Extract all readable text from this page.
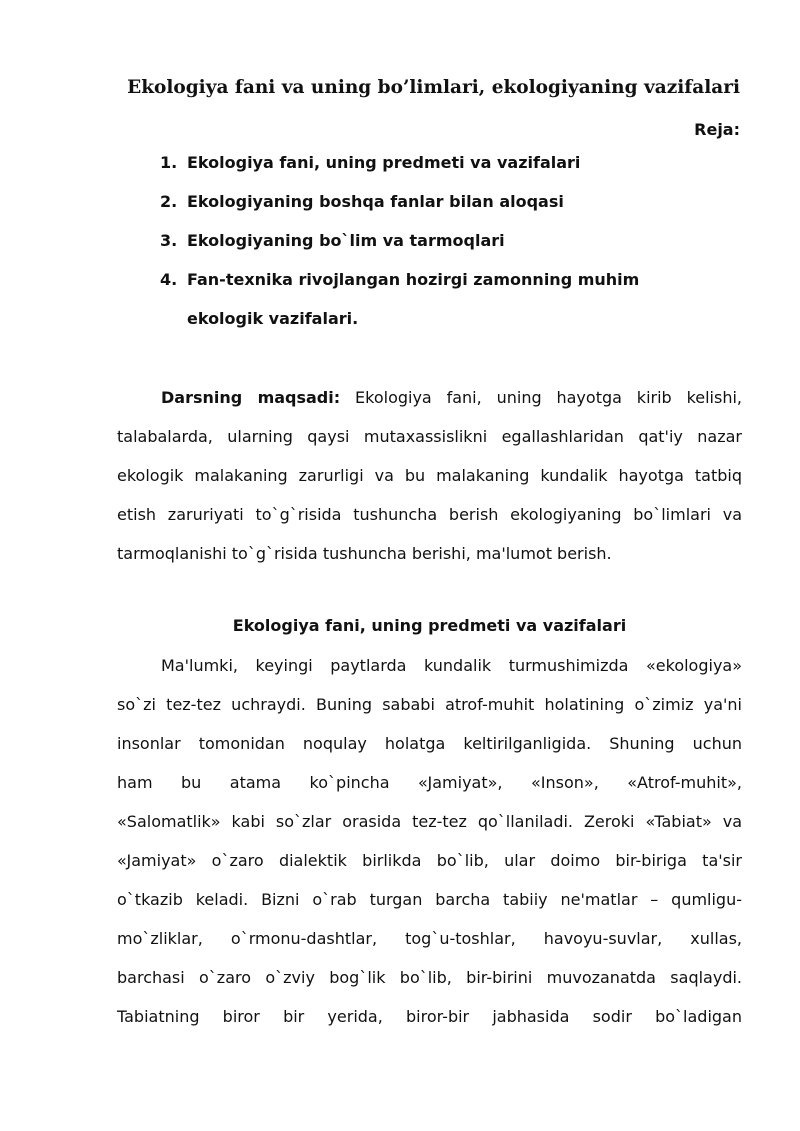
Ekologiya fani va uning bo’limlari, ekologiyaning vazifalari
Reja:
1. Ekologiya fani, uning predmeti va vazifalari
2. Ekologiyaning boshqa fanlar bilan aloqasi
3. Ekologiyaning bo`lim va tarmoqlari
4. Fan-texnika rivojlangan hozirgi zamonning muhim
ekologik vazifalari.
Darsning maqsadi: Ekologiya fani, uning hayotga kirib kelishi,
talabalarda, ularning qaysi mutaxassislikni egallashlaridan qat'iy nazar
ekologik malakaning zarurligi va bu malakaning kundalik hayotga tatbiq
etish zaruriyati to`g`risida tushuncha berish ekologiyaning bo`limlari va
tarmoqlanishi to`g`risida tushuncha berishi, ma'lumot berish.
Ekologiya fani, uning predmeti va vazifalari
Ma'lumki, keyingi paytlarda kundalik turmushimizda «ekologiya»
so`zi tez-tez uchraydi. Buning sababi atrof-muhit holatining o`zimiz ya'ni
insonlar tomonidan noqulay holatga keltirilganligida. Shuning uchun
ham bu atama ko`pincha «Jamiyat», «Inson», «Atrof-muhit»,
«Salomatlik» kabi so`zlar orasida tez-tez qo`llaniladi. Zeroki «Tabiat» va
«Jamiyat» o`zaro dialektik birlikda bo`lib, ular doimo bir-biriga ta'sir
o`tkazib keladi. Bizni o`rab turgan barcha tabiiy ne'matlar – qumligu-
mo`zliklar, o`rmonu-dashtlar, tog`u-toshlar, havoyu-suvlar, xullas,
barchasi o`zaro o`zviy bog`lik bo`lib, bir-birini muvozanatda saqlaydi.
Tabiatning biror bir yerida, biror-bir jabhasida sodir bo`ladigan
